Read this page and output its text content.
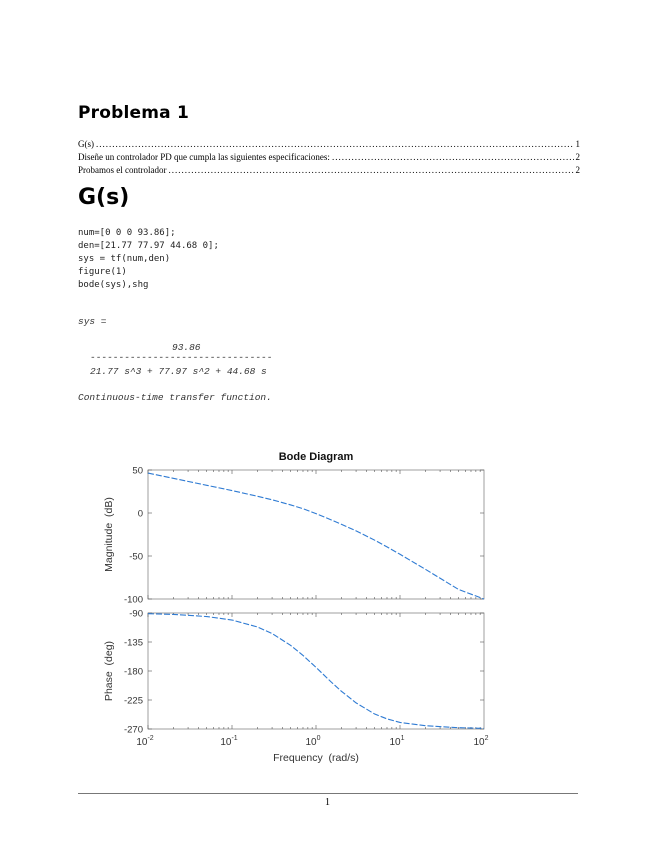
Problema 1
G(s) .....	1
Diseñe un controlador PD que cumpla las siguientes especificaciones: .....	2
Probamos el controlador .....	2
G(s)
num=[0 0 0 93.86];
den=[21.77 77.97 44.68 0];
sys = tf(num,den)
figure(1)
bode(sys),shg
sys =
93.86
--------------------------------
21.77 s^3 + 77.97 s^2 + 44.68 s
Continuous-time transfer function.
Bode Diagram
50
0
-50
-100
Magnitude  (dB)
-90
-135
-180
-225
-270
Phase  (deg)
$10^{-2}$	$10^{-1}$	$10^0$	$10^1$	$10^2$
Frequency  (rad/s)
1
